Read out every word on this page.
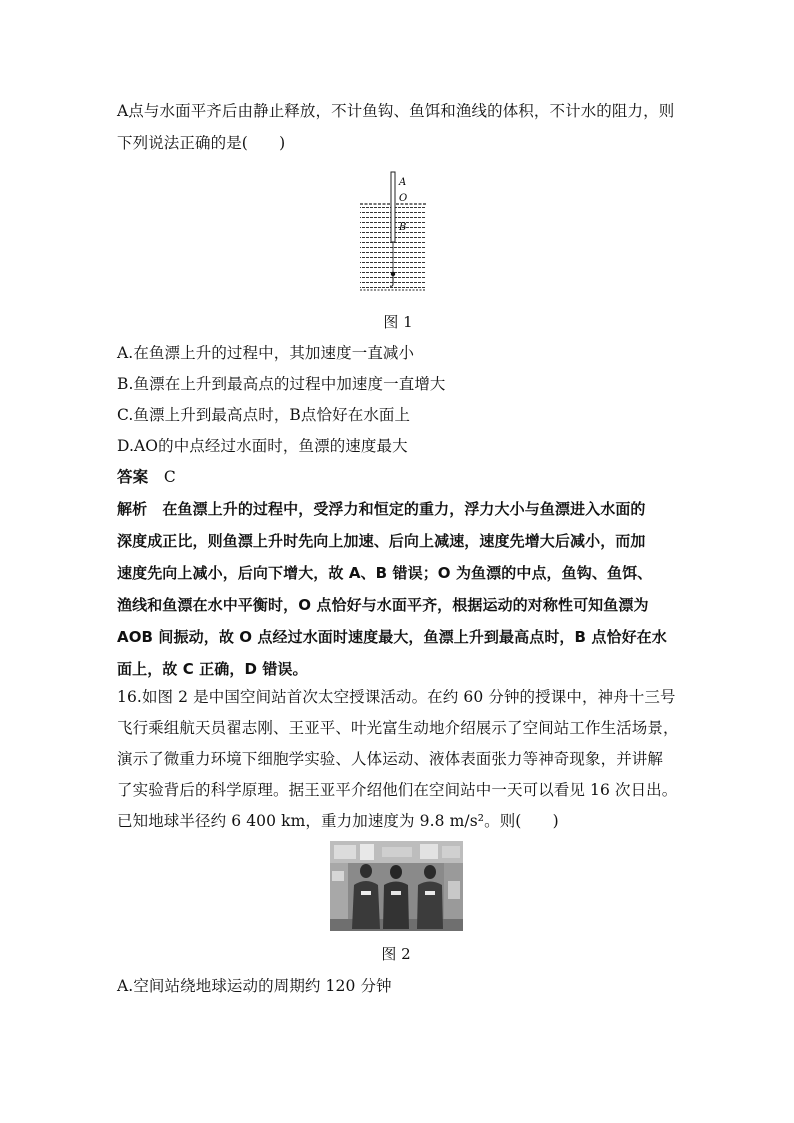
A点与水面平齐后由静止释放，不计鱼钩、鱼饵和渔线的体积，不计水的阻力，则
下列说法正确的是(　　)
A
O
B
图 1
A.在鱼漂上升的过程中，其加速度一直减小
B.鱼漂在上升到最高点的过程中加速度一直增大
C.鱼漂上升到最高点时，B点恰好在水面上
D.AO的中点经过水面时，鱼漂的速度最大
答案　 C
解析　 在鱼漂上升的过程中，受浮力和恒定的重力，浮力大小与鱼漂进入水面的
深度成正比，则鱼漂上升时先向上加速、后向上减速，速度先增大后减小，而加
速度先向上减小，后向下增大，故 A、B 错误；O 为鱼漂的中点，鱼钩、鱼饵、
渔线和鱼漂在水中平衡时，O 点恰好与水面平齐，根据运动的对称性可知鱼漂为
AOB 间振动，故 O 点经过水面时速度最大，鱼漂上升到最高点时，B 点恰好在水
面上，故 C 正确，D 错误。
16.如图 2 是中国空间站首次太空授课活动。在约 60 分钟的授课中，神舟十三号
飞行乘组航天员翟志刚、王亚平、叶光富生动地介绍展示了空间站工作生活场景，
演示了微重力环境下细胞学实验、人体运动、液体表面张力等神奇现象，并讲解
了实验背后的科学原理。据王亚平介绍他们在空间站中一天可以看见 16 次日出。
已知地球半径约 6 400 km，重力加速度为 9.8 m/s²。则(　　)
图 2
A.空间站绕地球运动的周期约 120 分钟
